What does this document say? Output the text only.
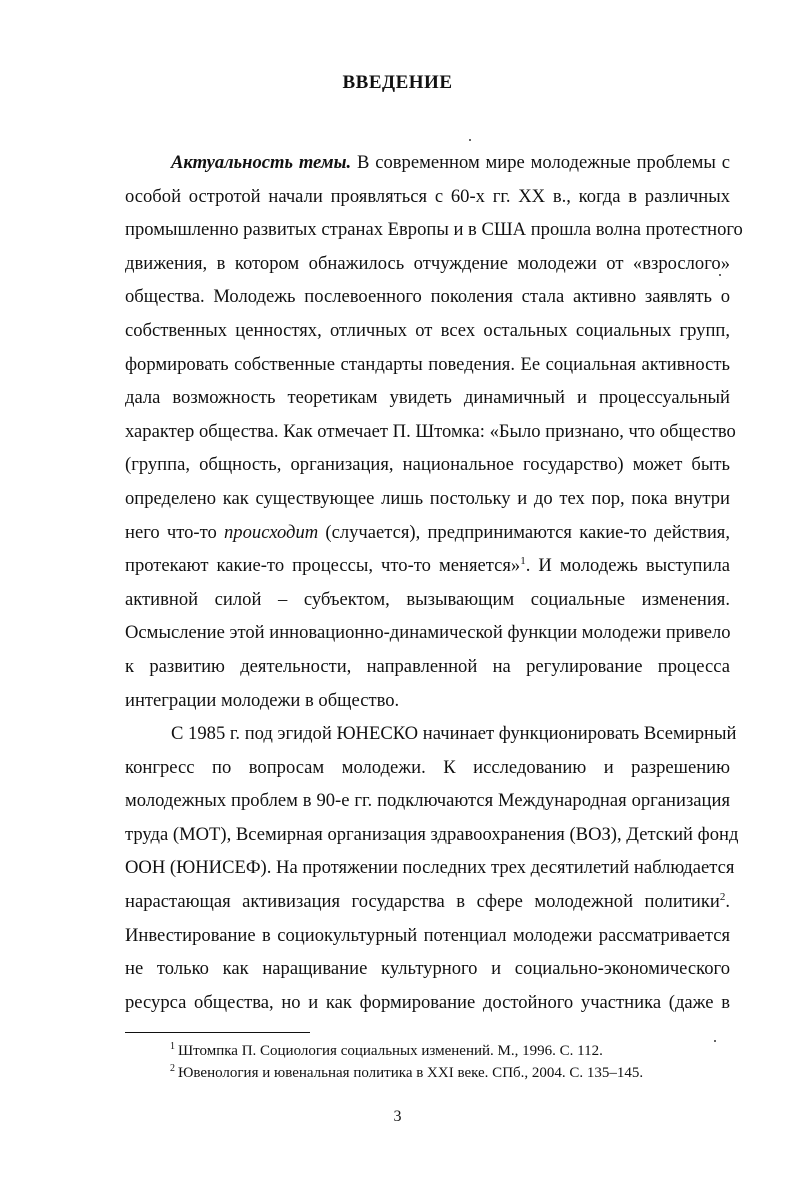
ВВЕДЕНИЕ
Актуальность темы. В современном мире молодежные проблемы с
особой остротой начали проявляться с 60-х гг. XX в., когда в различных
промышленно развитых странах Европы и в США прошла волна протестного
движения, в котором обнажилось отчуждение молодежи от «взрослого»
общества. Молодежь послевоенного поколения стала активно заявлять о
собственных ценностях, отличных от всех остальных социальных групп,
формировать собственные стандарты поведения. Ее социальная активность
дала возможность теоретикам увидеть динамичный и процессуальный
характер общества. Как отмечает П. Штомка: «Было признано, что общество
(группа, общность, организация, национальное государство) может быть
определено как существующее лишь постольку и до тех пор, пока внутри
него что-то происходит (случается), предпринимаются какие-то действия,
протекают какие-то процессы, что-то меняется»$^1$. И молодежь выступила
активной силой – субъектом, вызывающим социальные изменения.
Осмысление этой инновационно-динамической функции молодежи привело
к развитию деятельности, направленной на регулирование процесса
интеграции молодежи в общество.
С 1985 г. под эгидой ЮНЕСКО начинает функционировать Всемирный
конгресс по вопросам молодежи. К исследованию и разрешению
молодежных проблем в 90-е гг. подключаются Международная организация
труда (МОТ), Всемирная организация здравоохранения (ВОЗ), Детский фонд
ООН (ЮНИСЕФ). На протяжении последних трех десятилетий наблюдается
нарастающая активизация государства в сфере молодежной политики$^2$.
Инвестирование в социокультурный потенциал молодежи рассматривается
не только как наращивание культурного и социально-экономического
ресурса общества, но и как формирование достойного участника (даже в
$^1$ Штомпка П. Социология социальных изменений. М., 1996. С. 112.
$^2$ Ювенология и ювенальная политика в XXI веке. СПб., 2004. С. 135–145.
3
